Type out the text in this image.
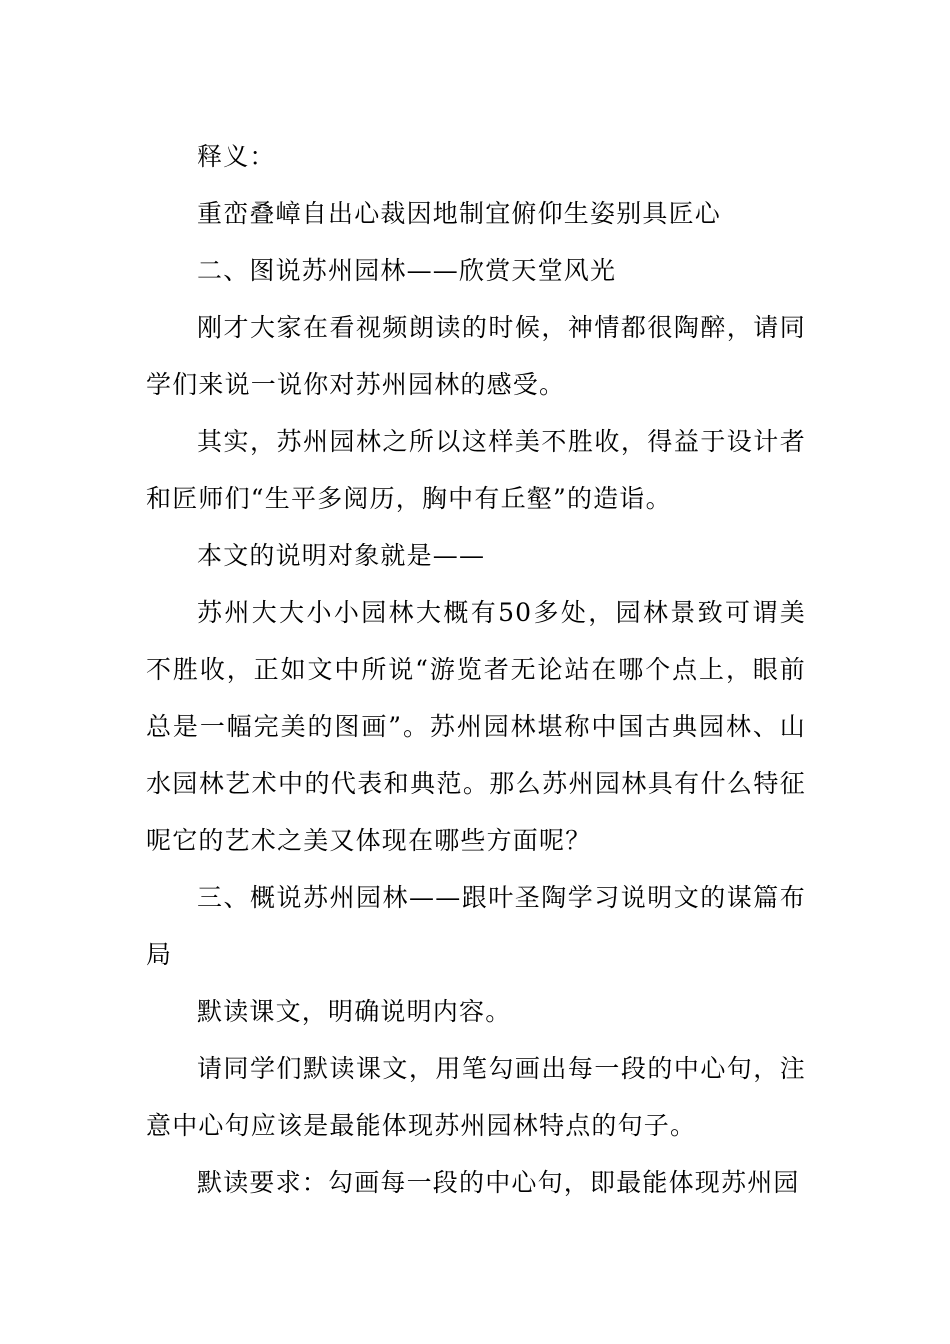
释义：

重峦叠嶂自出心裁因地制宜俯仰生姿别具匠心

二、图说苏州园林——欣赏天堂风光

刚才大家在看视频朗读的时候，神情都很陶醉，请同学们来说一说你对苏州园林的感受。

其实，苏州园林之所以这样美不胜收，得益于设计者和匠师们“生平多阅历，胸中有丘壑”的造诣。

本文的说明对象就是——

苏州大大小小园林大概有50多处，园林景致可谓美不胜收，正如文中所说“游览者无论站在哪个点上，眼前总是一幅完美的图画”。苏州园林堪称中国古典园林、山水园林艺术中的代表和典范。那么苏州园林具有什么特征呢它的艺术之美又体现在哪些方面呢？

三、概说苏州园林——跟叶圣陶学习说明文的谋篇布局

默读课文，明确说明内容。

请同学们默读课文，用笔勾画出每一段的中心句，注意中心句应该是最能体现苏州园林特点的句子。

默读要求：勾画每一段的中心句，即最能体现苏州园
